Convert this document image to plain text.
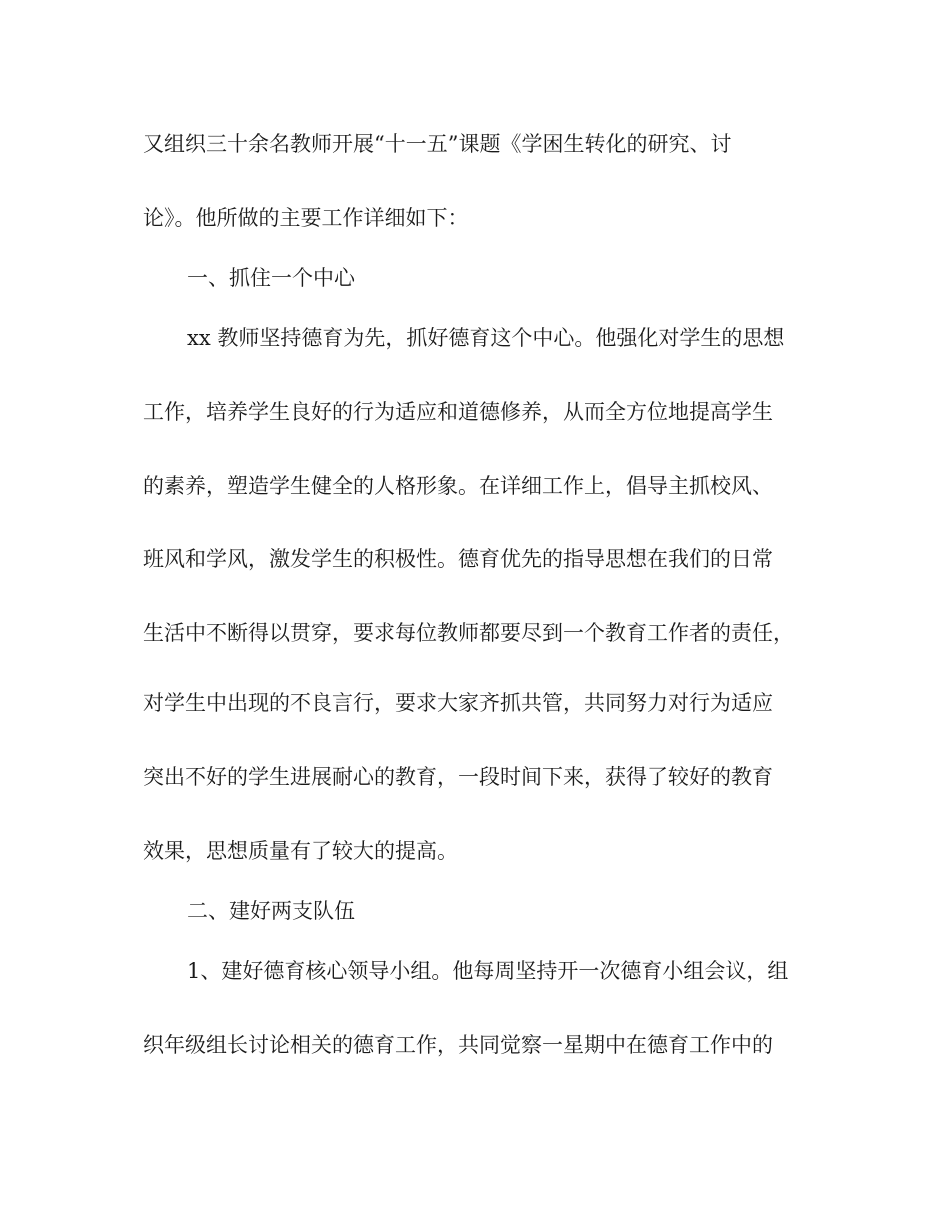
又组织三十余名教师开展“十一五”课题《学困生转化的研究、讨
论》。他所做的主要工作详细如下：
一、抓住一个中心
xx 教师坚持德育为先，抓好德育这个中心。他强化对学生的思想
工作，培养学生良好的行为适应和道德修养，从而全方位地提高学生
的素养，塑造学生健全的人格形象。在详细工作上，倡导主抓校风、
班风和学风，激发学生的积极性。德育优先的指导思想在我们的日常
生活中不断得以贯穿，要求每位教师都要尽到一个教育工作者的责任，
对学生中出现的不良言行，要求大家齐抓共管，共同努力对行为适应
突出不好的学生进展耐心的教育，一段时间下来，获得了较好的教育
效果，思想质量有了较大的提高。
二、建好两支队伍
1、建好德育核心领导小组。他每周坚持开一次德育小组会议，组
织年级组长讨论相关的德育工作，共同觉察一星期中在德育工作中的
